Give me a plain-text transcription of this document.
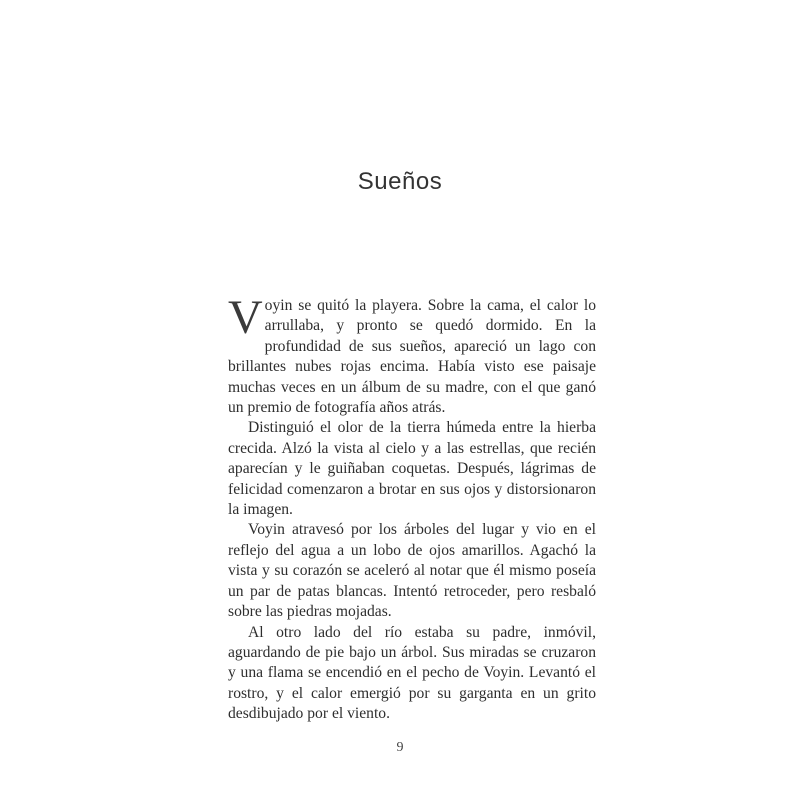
Sueños

Voyin se quitó la playera. Sobre la cama, el calor lo arrullaba, y pronto se quedó dormido. En la profundidad de sus sueños, apareció un lago con brillantes nubes rojas encima. Había visto ese paisaje muchas veces en un álbum de su madre, con el que ganó un premio de fotografía años atrás.

Distinguió el olor de la tierra húmeda entre la hierba crecida. Alzó la vista al cielo y a las estrellas, que recién aparecían y le guiñaban coquetas. Después, lágrimas de felicidad comenzaron a brotar en sus ojos y distorsionaron la imagen.

Voyin atravesó por los árboles del lugar y vio en el reflejo del agua a un lobo de ojos amarillos. Agachó la vista y su corazón se aceleró al notar que él mismo poseía un par de patas blancas. Intentó retroceder, pero resbaló sobre las piedras mojadas.

Al otro lado del río estaba su padre, inmóvil, aguardando de pie bajo un árbol. Sus miradas se cruzaron y una flama se encendió en el pecho de Voyin. Levantó el rostro, y el calor emergió por su garganta en un grito desdibujado por el viento.

9
